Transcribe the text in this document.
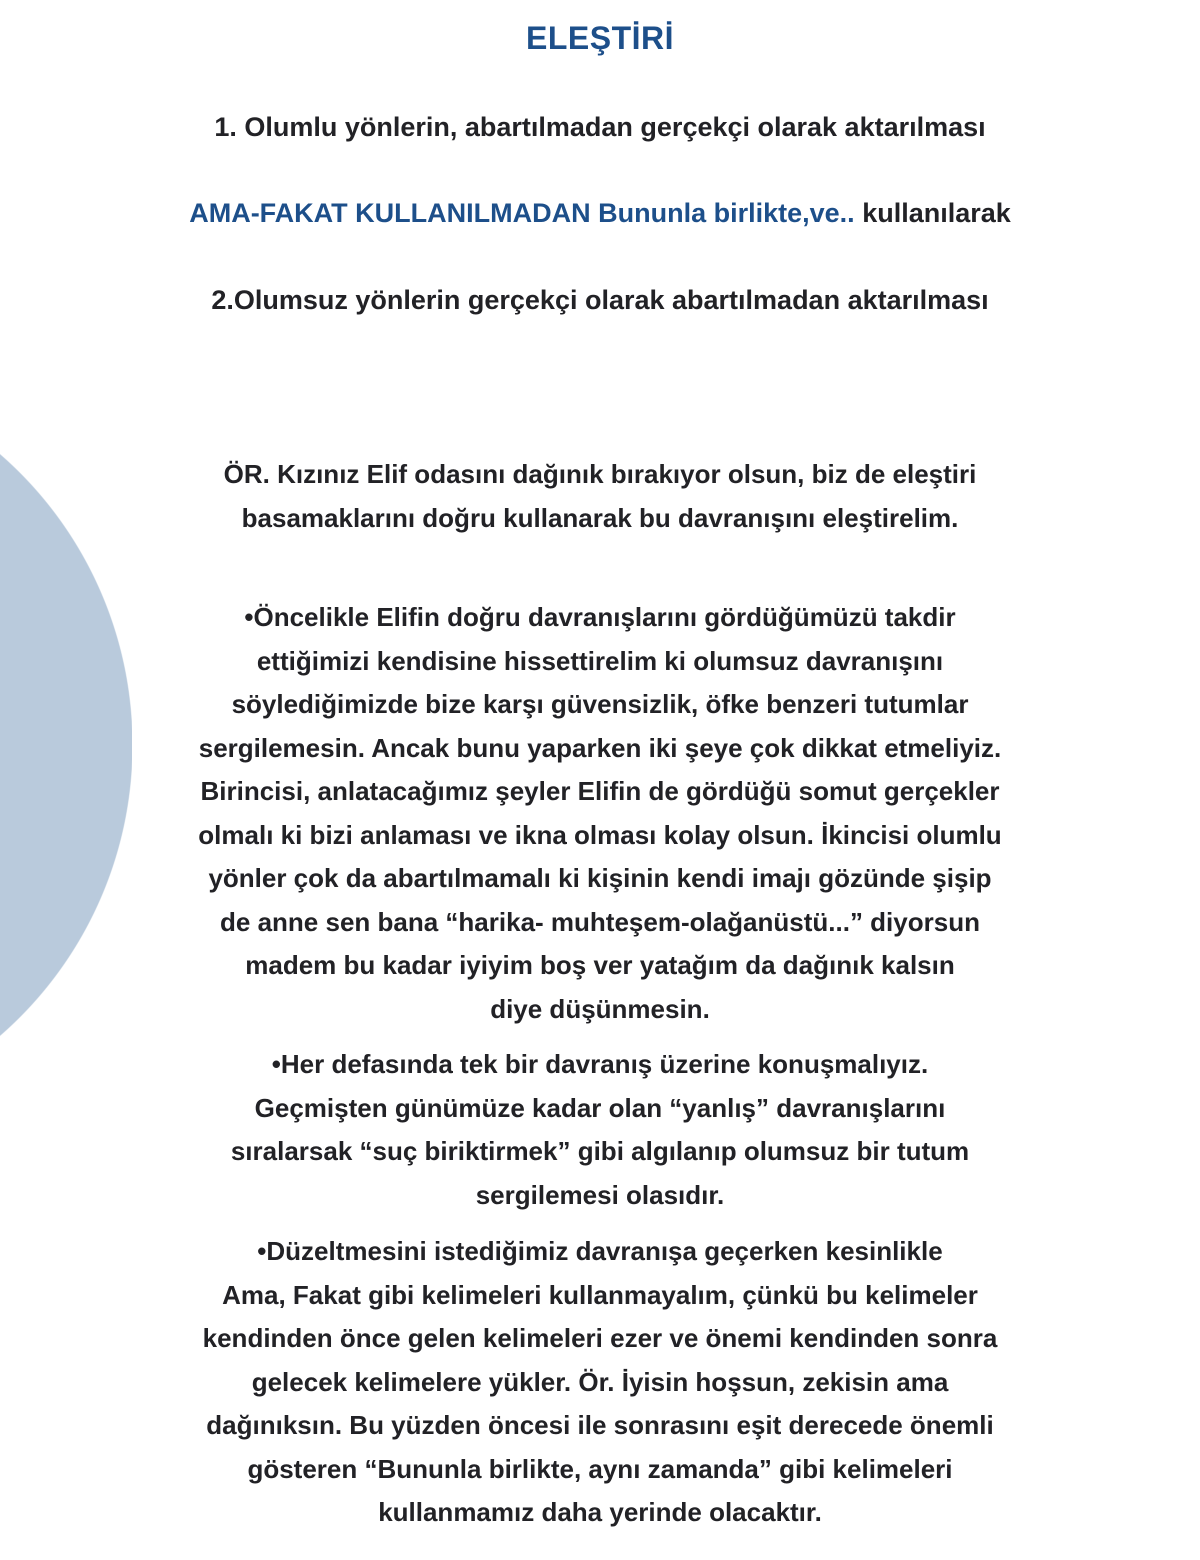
ELEŞTİRİ
1. Olumlu yönlerin, abartılmadan gerçekçi olarak aktarılması
AMA-FAKAT KULLANILMADAN Bununla birlikte,ve.. kullanılarak
2.Olumsuz yönlerin gerçekçi olarak abartılmadan aktarılması
ÖR. Kızınız Elif odasını dağınık bırakıyor olsun, biz de eleştiri
basamaklarını doğru kullanarak bu davranışını eleştirelim.
•Öncelikle Elifin doğru davranışlarını gördüğümüzü takdir
ettiğimizi kendisine hissettirelim ki olumsuz davranışını
söylediğimizde bize karşı güvensizlik, öfke benzeri tutumlar
sergilemesin. Ancak bunu yaparken iki şeye çok dikkat etmeliyiz.
Birincisi, anlatacağımız şeyler Elifin de gördüğü somut gerçekler
olmalı ki bizi anlaması ve ikna olması kolay olsun. İkincisi olumlu
yönler çok da abartılmamalı ki kişinin kendi imajı gözünde şişip
de anne sen bana “harika- muhteşem-olağanüstü...” diyorsun
madem bu kadar iyiyim boş ver yatağım da dağınık kalsın
diye düşünmesin.
•Her defasında tek bir davranış üzerine konuşmalıyız.
Geçmişten günümüze kadar olan “yanlış” davranışlarını
sıralarsak “suç biriktirmek” gibi algılanıp olumsuz bir tutum
sergilemesi olasıdır.
•Düzeltmesini istediğimiz davranışa geçerken kesinlikle
Ama, Fakat gibi kelimeleri kullanmayalım, çünkü bu kelimeler
kendinden önce gelen kelimeleri ezer ve önemi kendinden sonra
gelecek kelimelere yükler. Ör. İyisin hoşsun, zekisin ama
dağınıksın. Bu yüzden öncesi ile sonrasını eşit derecede önemli
gösteren “Bununla birlikte, aynı zamanda” gibi kelimeleri
kullanmamız daha yerinde olacaktır.
